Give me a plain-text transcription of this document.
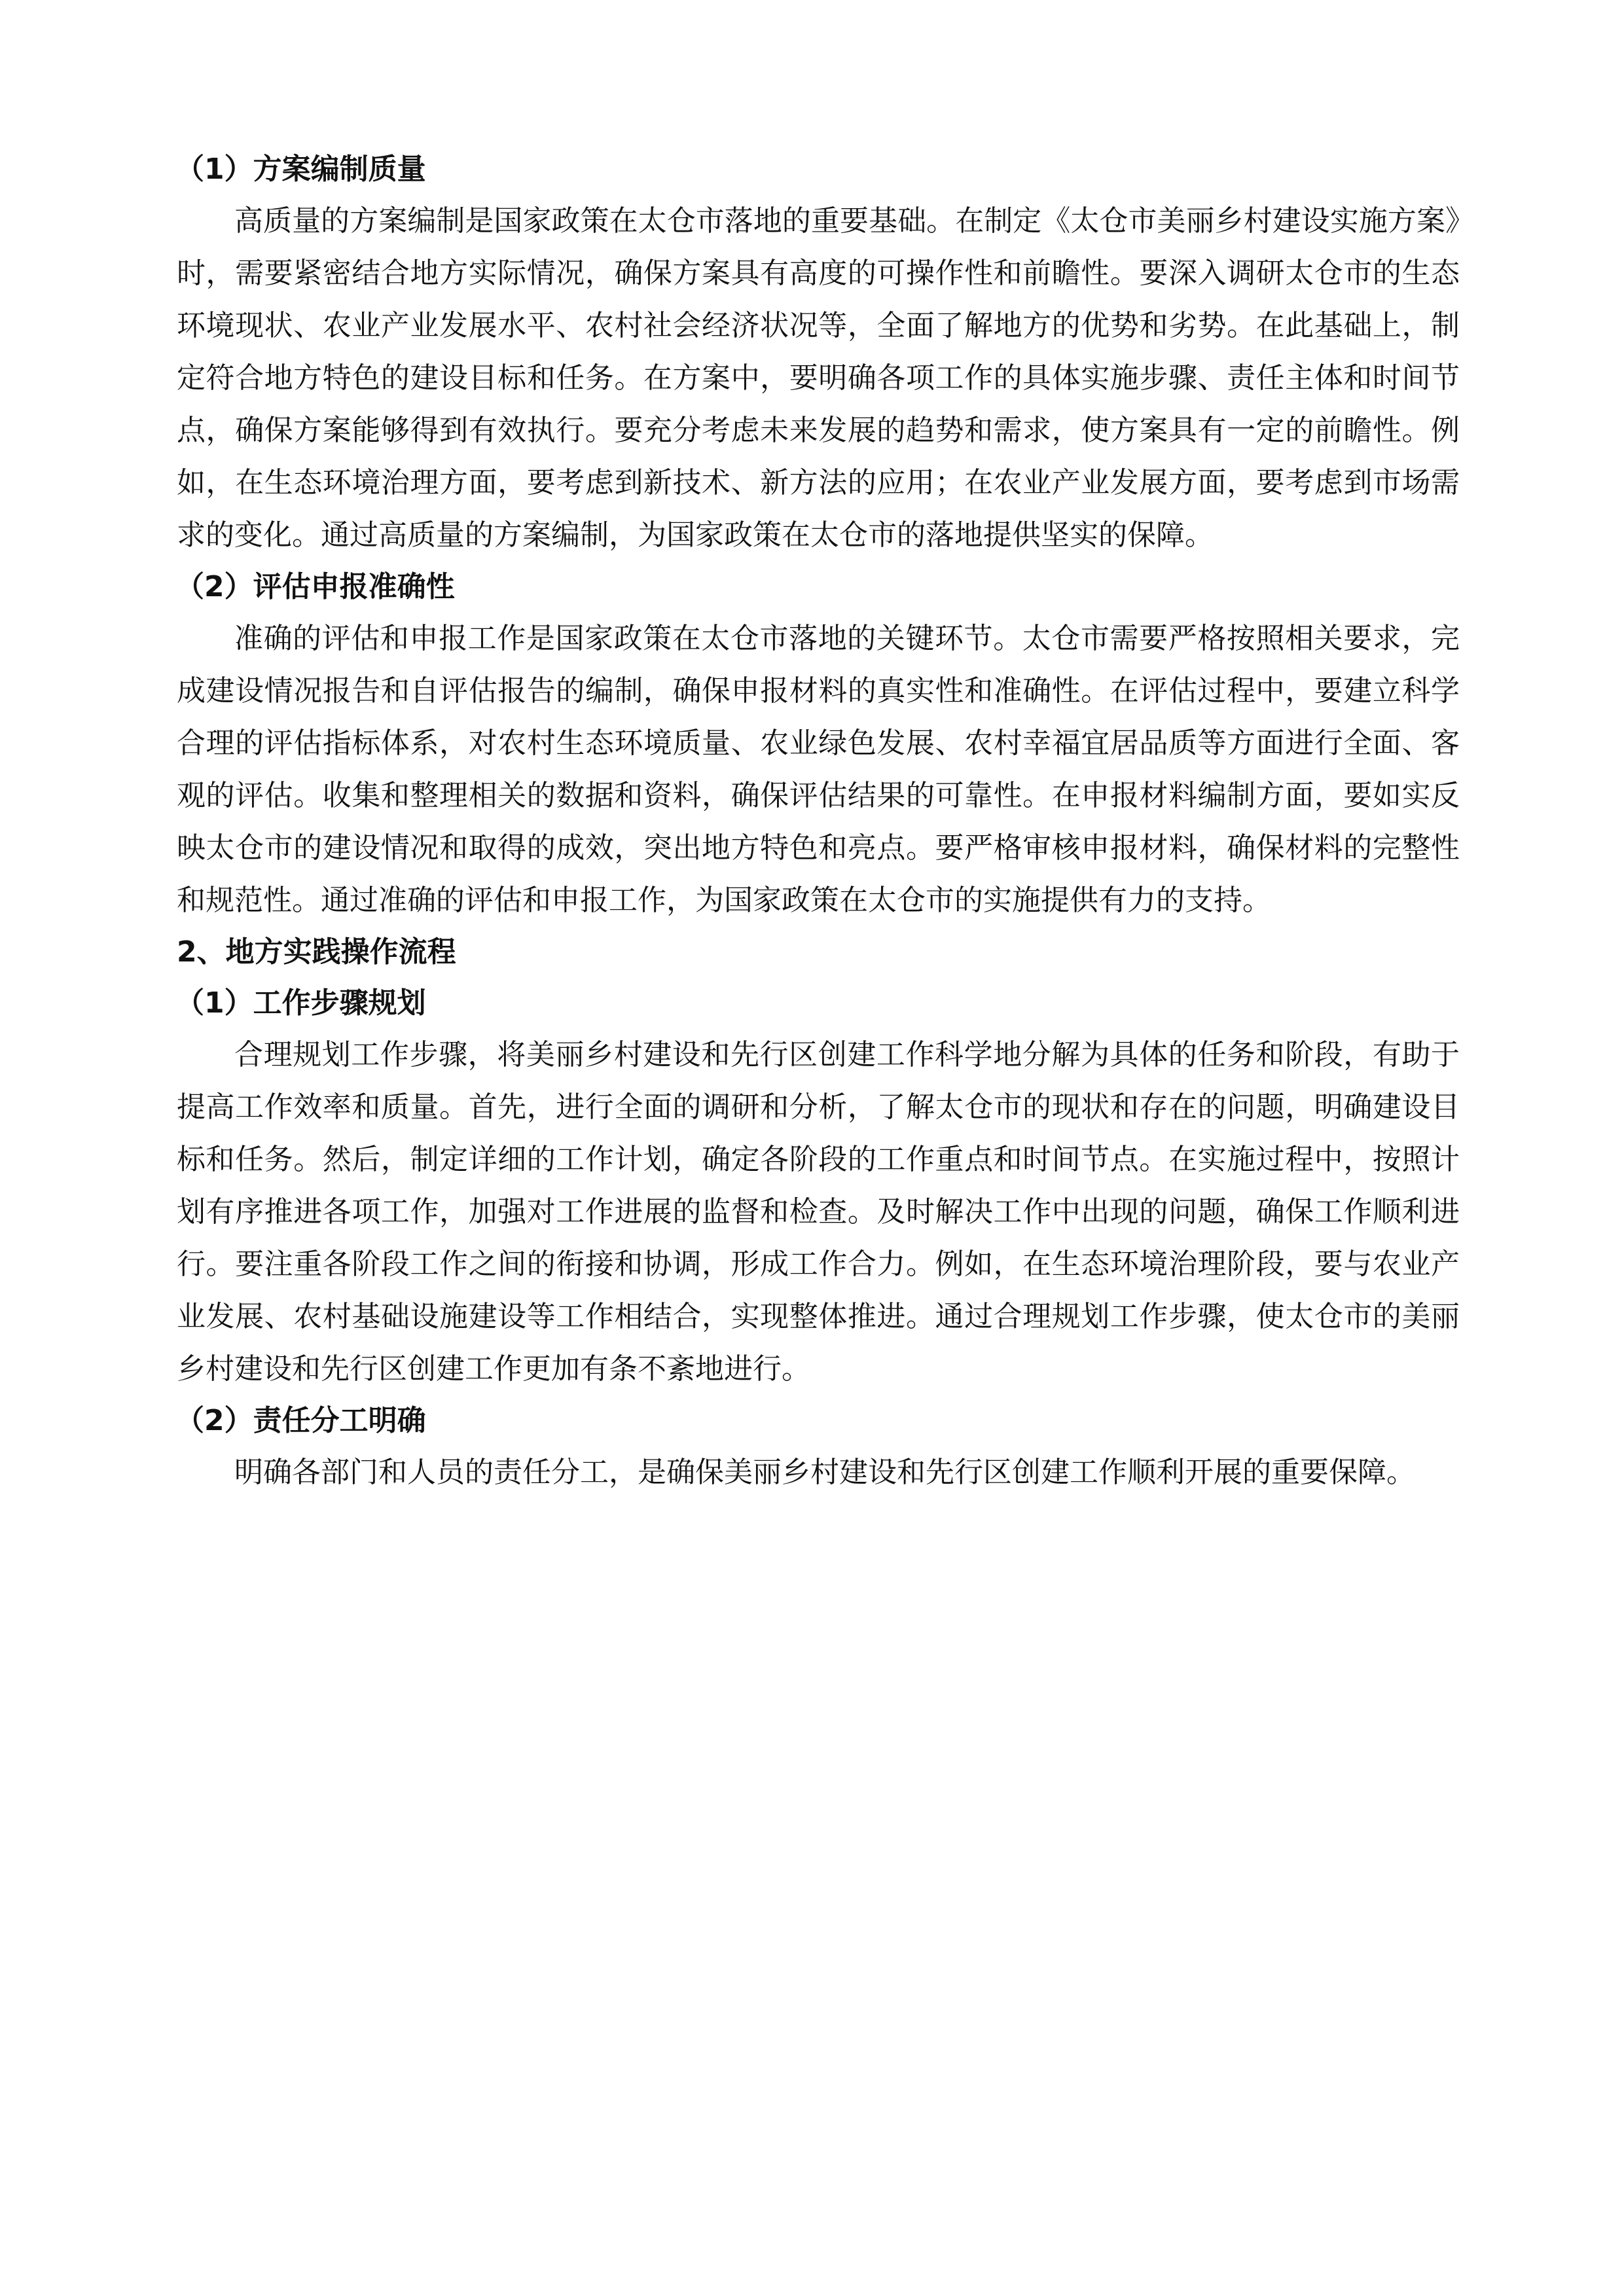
（1）方案编制质量

高质量的方案编制是国家政策在太仓市落地的重要基础。在制定《太仓市美丽乡村建设实施方案》时，需要紧密结合地方实际情况，确保方案具有高度的可操作性和前瞻性。要深入调研太仓市的生态环境现状、农业产业发展水平、农村社会经济状况等，全面了解地方的优势和劣势。在此基础上，制定符合地方特色的建设目标和任务。在方案中，要明确各项工作的具体实施步骤、责任主体和时间节点，确保方案能够得到有效执行。要充分考虑未来发展的趋势和需求，使方案具有一定的前瞻性。例如，在生态环境治理方面，要考虑到新技术、新方法的应用；在农业产业发展方面，要考虑到市场需求的变化。通过高质量的方案编制，为国家政策在太仓市的落地提供坚实的保障。

（2）评估申报准确性

准确的评估和申报工作是国家政策在太仓市落地的关键环节。太仓市需要严格按照相关要求，完成建设情况报告和自评估报告的编制，确保申报材料的真实性和准确性。在评估过程中，要建立科学合理的评估指标体系，对农村生态环境质量、农业绿色发展、农村幸福宜居品质等方面进行全面、客观的评估。收集和整理相关的数据和资料，确保评估结果的可靠性。在申报材料编制方面，要如实反映太仓市的建设情况和取得的成效，突出地方特色和亮点。要严格审核申报材料，确保材料的完整性和规范性。通过准确的评估和申报工作，为国家政策在太仓市的实施提供有力的支持。

2、地方实践操作流程

（1）工作步骤规划

合理规划工作步骤，将美丽乡村建设和先行区创建工作科学地分解为具体的任务和阶段，有助于提高工作效率和质量。首先，进行全面的调研和分析，了解太仓市的现状和存在的问题，明确建设目标和任务。然后，制定详细的工作计划，确定各阶段的工作重点和时间节点。在实施过程中，按照计划有序推进各项工作，加强对工作进展的监督和检查。及时解决工作中出现的问题，确保工作顺利进行。要注重各阶段工作之间的衔接和协调，形成工作合力。例如，在生态环境治理阶段，要与农业产业发展、农村基础设施建设等工作相结合，实现整体推进。通过合理规划工作步骤，使太仓市的美丽乡村建设和先行区创建工作更加有条不紊地进行。

（2）责任分工明确

明确各部门和人员的责任分工，是确保美丽乡村建设和先行区创建工作顺利开展的重要保障。
